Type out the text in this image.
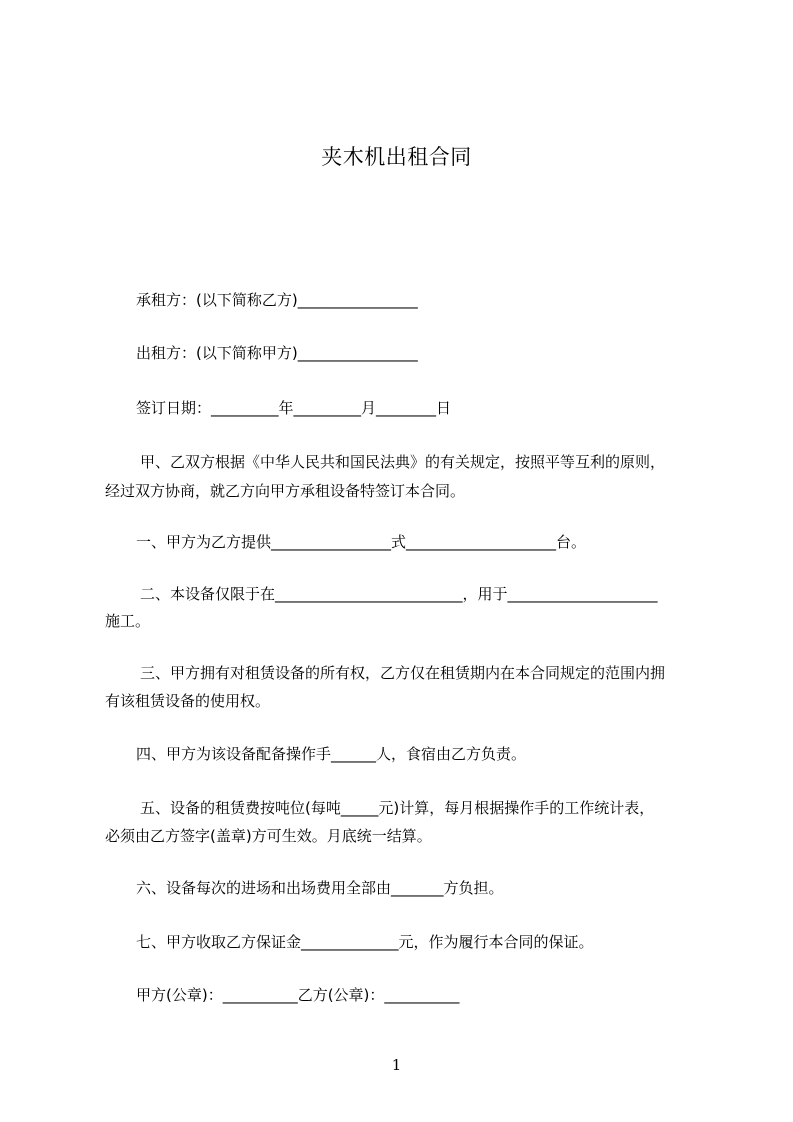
夹木机出租合同
承租方：(以下简称乙方)________________
出租方：(以下简称甲方)________________
签订日期：_________年_________月________日
甲、乙双方根据《中华人民共和国民法典》的有关规定，按照平等互利的原则，
经过双方协商，就乙方向甲方承租设备特签订本合同。
一、甲方为乙方提供________________式____________________台。
二、本设备仅限于在_________________________，用于____________________
施工。
三、甲方拥有对租赁设备的所有权，乙方仅在租赁期内在本合同规定的范围内拥
有该租赁设备的使用权。
四、甲方为该设备配备操作手______人，食宿由乙方负责。
五、设备的租赁费按吨位(每吨_____元)计算，每月根据操作手的工作统计表，
必须由乙方签字(盖章)方可生效。月底统一结算。
六、设备每次的进场和出场费用全部由_______方负担。
七、甲方收取乙方保证金_____________元，作为履行本合同的保证。
甲方(公章)：__________乙方(公章)：__________
1
